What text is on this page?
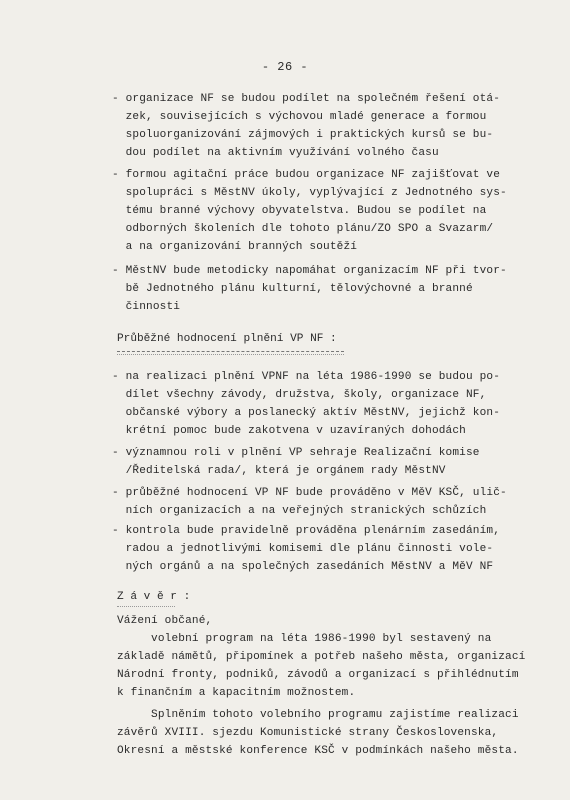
- 26 -
- organizace NF se budou podílet na společném řešení otá-
zek, souvisejících s výchovou mladé generace a formou
spoluorganizování zájmových i praktických kursů se bu-
dou podílet na aktivním využívání volného času
- formou agitační práce budou organizace NF zajišťovat ve
spolupráci s MěstNV úkoly, vyplývající z Jednotného sys-
tému branné výchovy obyvatelstva. Budou se podílet na
odborných školeních dle tohoto plánu/ZO SPO a Svazarm/
a na organizování branných soutěží
- MěstNV bude metodicky napomáhat organizacím NF při tvor-
bě Jednotného plánu kulturní, tělovýchovné a branné
činnosti
Průběžné hodnocení plnění VP NF :
- na realizaci plnění VPNF na léta 1986-1990 se budou po-
dílet všechny závody, družstva, školy, organizace NF,
občanské výbory a poslanecký aktív MěstNV, jejichž kon-
krétní pomoc bude zakotvena v uzavíraných dohodách
- významnou roli v plnění VP sehraje Realizační komise
/Ředitelská rada/, která je orgánem rady MěstNV
- průběžné hodnocení VP NF bude prováděno v MěV KSČ, ulič-
ních organizacích a na veřejných stranických schůzích
- kontrola bude pravidelně prováděna plenárním zasedáním,
radou a jednotlivými komisemi dle plánu činnosti vole-
ných orgánů a na společných zasedáních MěstNV a MěV NF
Z á v ě r :
Vážení občané,
volební program na léta 1986-1990 byl sestavený na
základě námětů, připomínek a potřeb našeho města, organizací
Národní fronty, podniků, závodů a organizací s přihlédnutím
k finančním a kapacitním možnostem.
Splněním tohoto volebního programu zajistíme realizaci
závěrů XVIII. sjezdu Komunistické strany Československa,
Okresní a městské konference KSČ v podmínkách našeho města.
